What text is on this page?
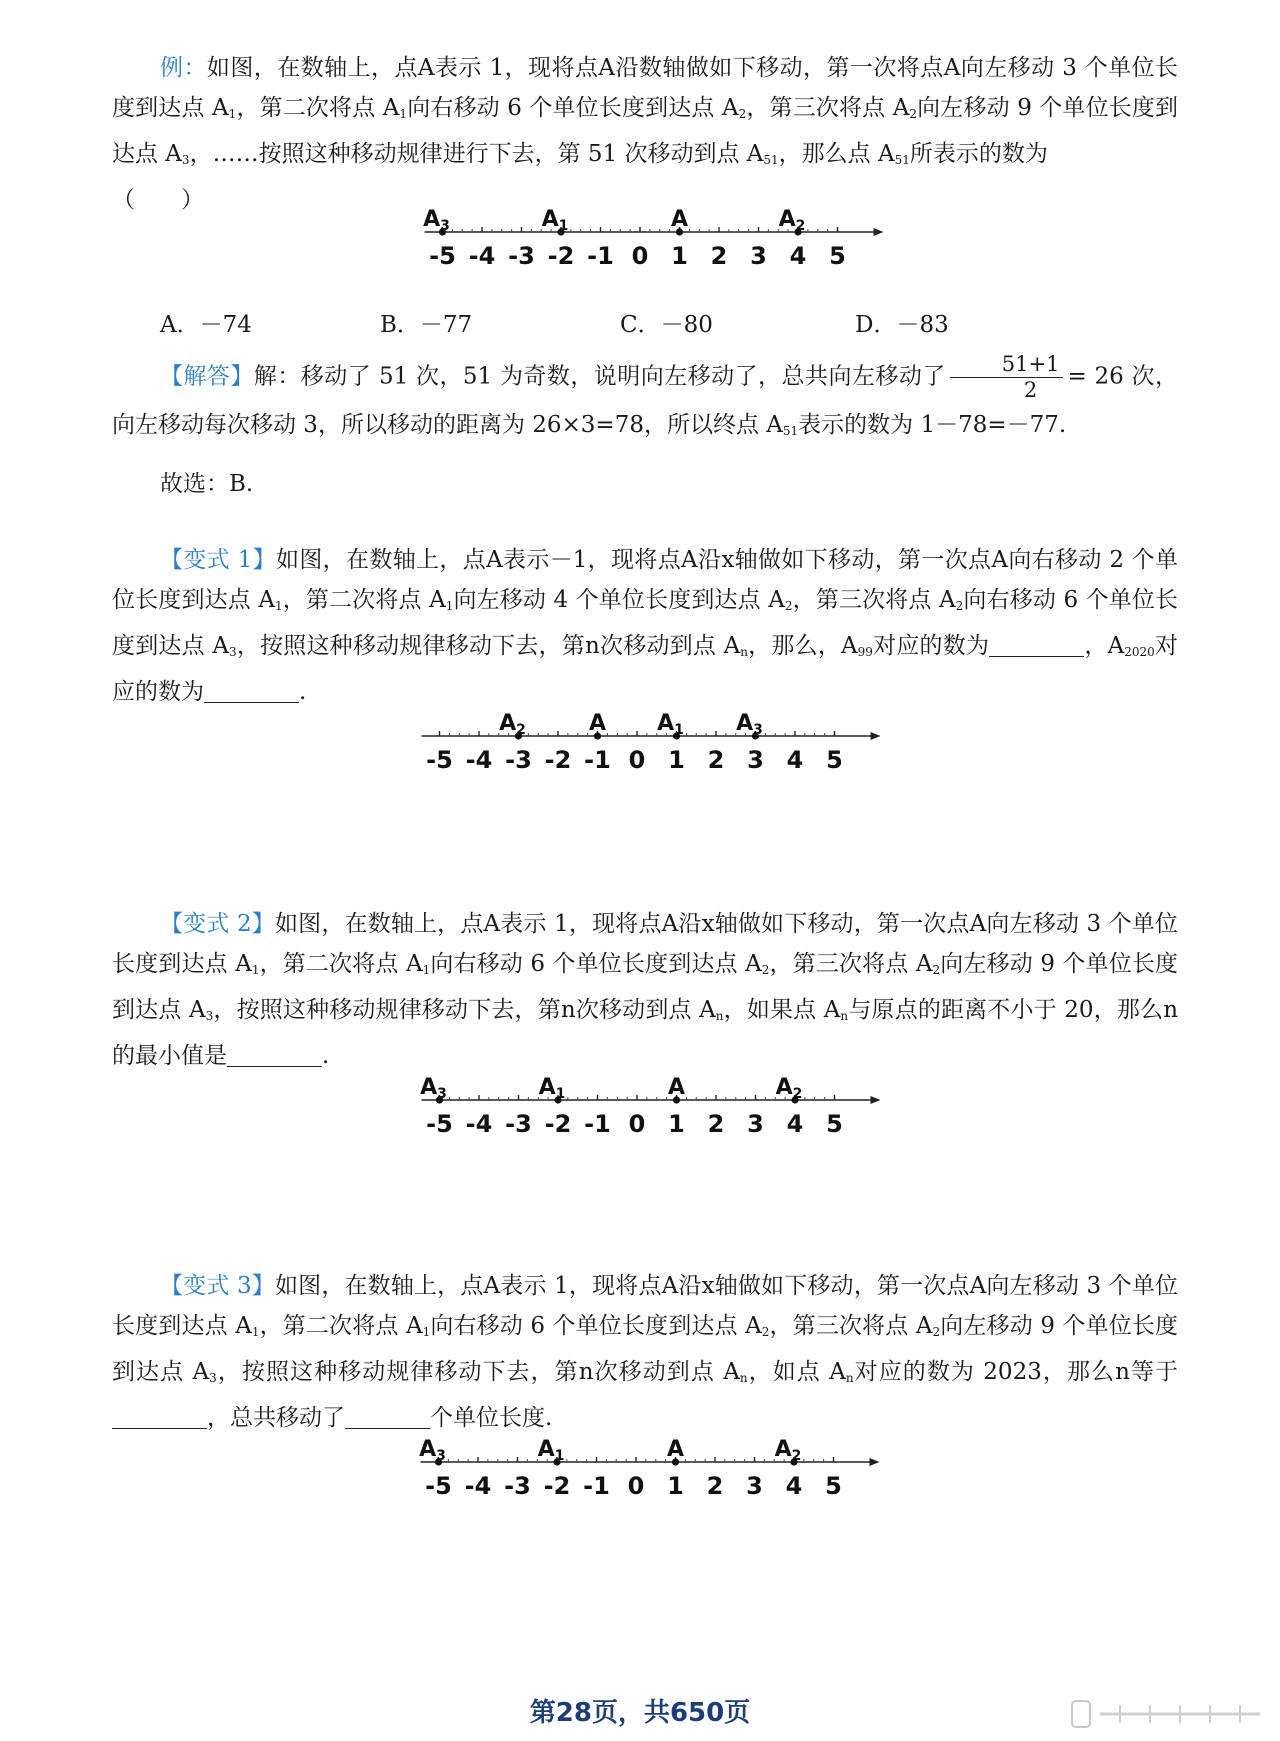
例：如图，在数轴上，点A表示 1，现将点A沿数轴做如下移动，第一次将点A向左移动 3 个单位长度到达点 $A_1$，第二次将点 $A_1$向右移动 6 个单位长度到达点 $A_2$，第三次将点 $A_2$向左移动 9 个单位长度到达点 $A_3$，……按照这种移动规律进行下去，第 51 次移动到点 $A_{51}$，那么点 $A_{51}$所表示的数为
（　　）
-5 -4 -3 -2 -1 0 1 2 3 4 5
A3	A1	A	A2
A．－74	B．－77	C．－80	D．－83
【解答】解：移动了 51 次，51 为奇数，说明向左移动了，总共向左移动了 $\frac{51+1}{2} = 26$ 次，向左移动每次移动 3，所以移动的距离为 26×3=78，所以终点 $A_{51}$表示的数为 1－78=－77.
故选：B.
【变式 1】如图，在数轴上，点A表示－1，现将点A沿x轴做如下移动，第一次点A向右移动 2 个单位长度到达点 $A_1$，第二次将点 $A_1$向左移动 4 个单位长度到达点 $A_2$，第三次将点 $A_2$向右移动 6 个单位长度到达点 $A_3$，按照这种移动规律移动下去，第n次移动到点 $A_n$，那么，$A_{99}$对应的数为	，$A_{2020}$对应的数为	.
-5 -4 -3 -2 -1 0 1 2 3 4 5
A2	A A1 A3
【变式 2】如图，在数轴上，点A表示 1，现将点A沿x轴做如下移动，第一次点A向左移动 3 个单位长度到达点 $A_1$，第二次将点 $A_1$向右移动 6 个单位长度到达点 $A_2$，第三次将点 $A_2$向左移动 9 个单位长度到达点 $A_3$，按照这种移动规律移动下去，第n次移动到点 $A_n$，如果点 $A_n$与原点的距离不小于 20，那么n的最小值是	.
-5 -4 -3 -2 -1 0 1 2 3 4 5
A3	A1	A	A2
【变式 3】如图，在数轴上，点A表示 1，现将点A沿x轴做如下移动，第一次点A向左移动 3 个单位长度到达点 $A_1$，第二次将点 $A_1$向右移动 6 个单位长度到达点 $A_2$，第三次将点 $A_2$向左移动 9 个单位长度到达点 $A_3$，按照这种移动规律移动下去，第n次移动到点 $A_n$，如点 $A_n$对应的数为 2023，那么n等于，总共移动了	个单位长度.
-5 -4 -3 -2 -1 0 1 2 3 4 5
A3	A1	A	A2
第28页，共650页
